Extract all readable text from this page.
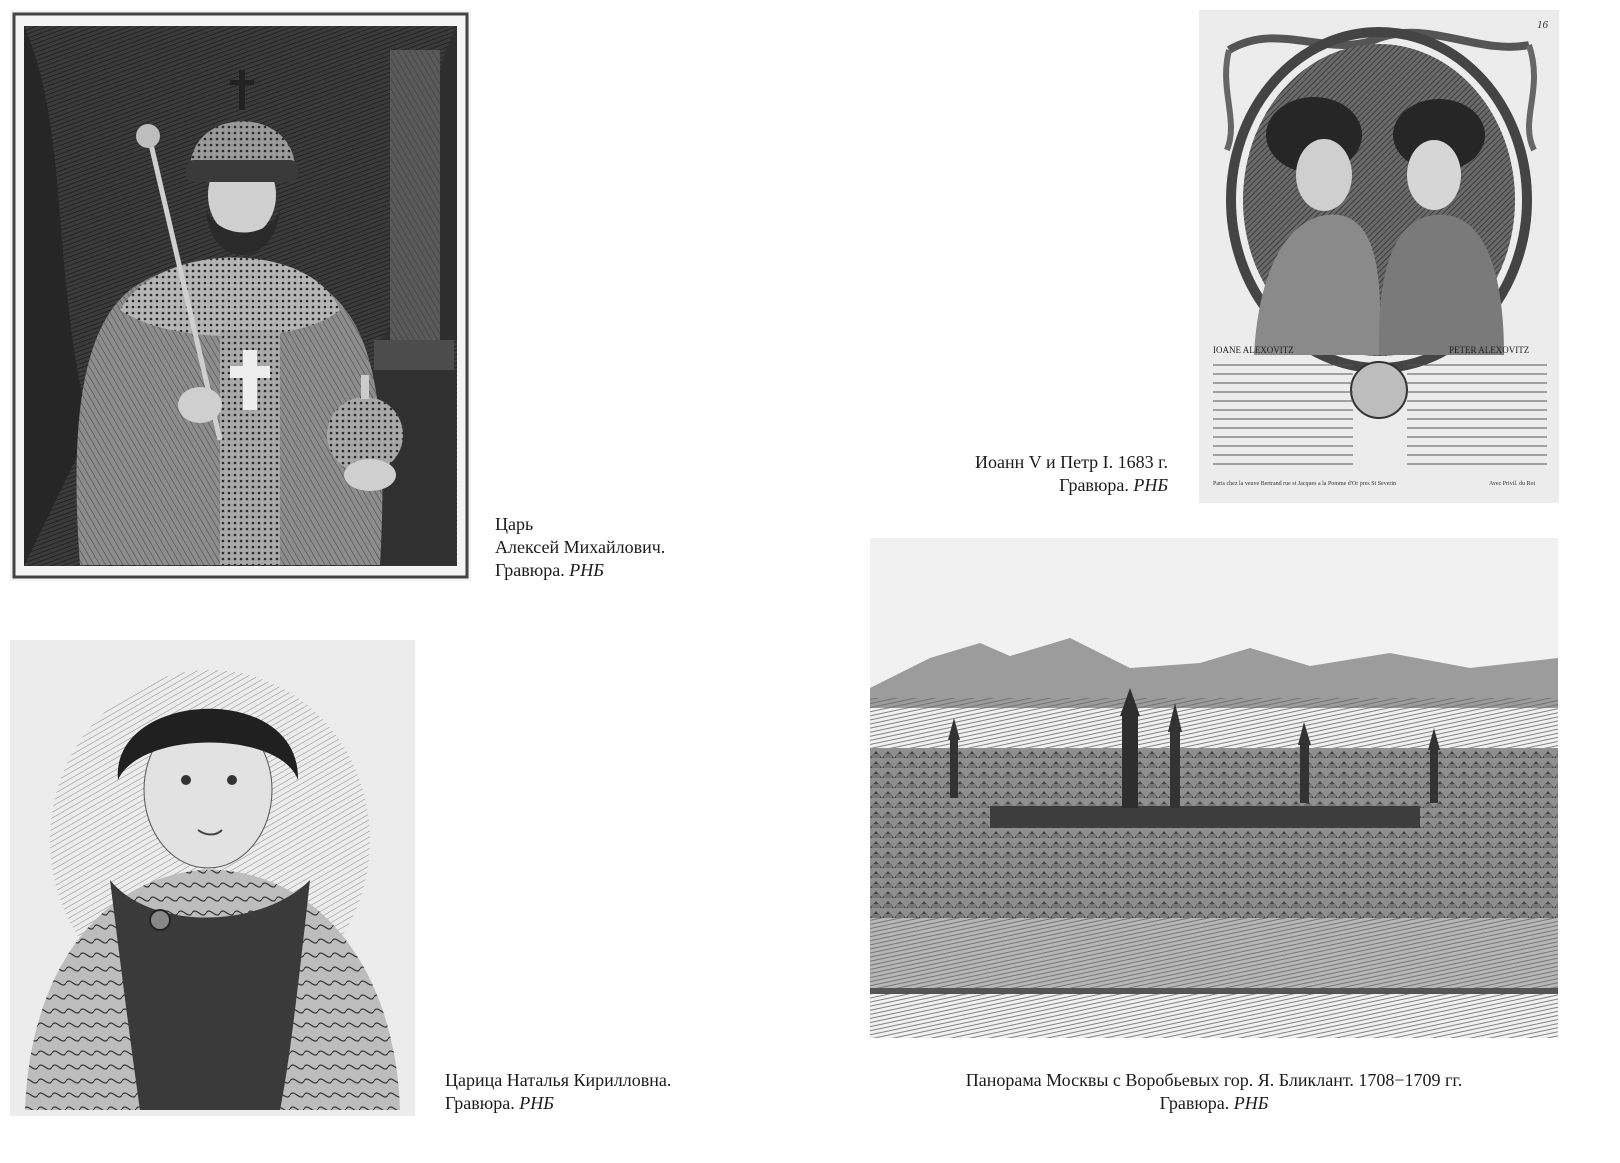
Царь
Алексей Михайлович.
Гравюра. РНБ
IOANE ALEXOVITZ	PETER ALEXOVITZ
16
Paris chez la veuve Bertrand rue st Jacques a la Pomme d'Or pres St Severin	Avec Privil. du Roi
Иоанн V и Петр I. 1683 г.
Гравюра. РНБ
Царица Наталья Кирилловна.
Гравюра. РНБ
Панорама Москвы с Воробьевых гор. Я. Бликлант. 1708−1709 гг.
Гравюра. РНБ
